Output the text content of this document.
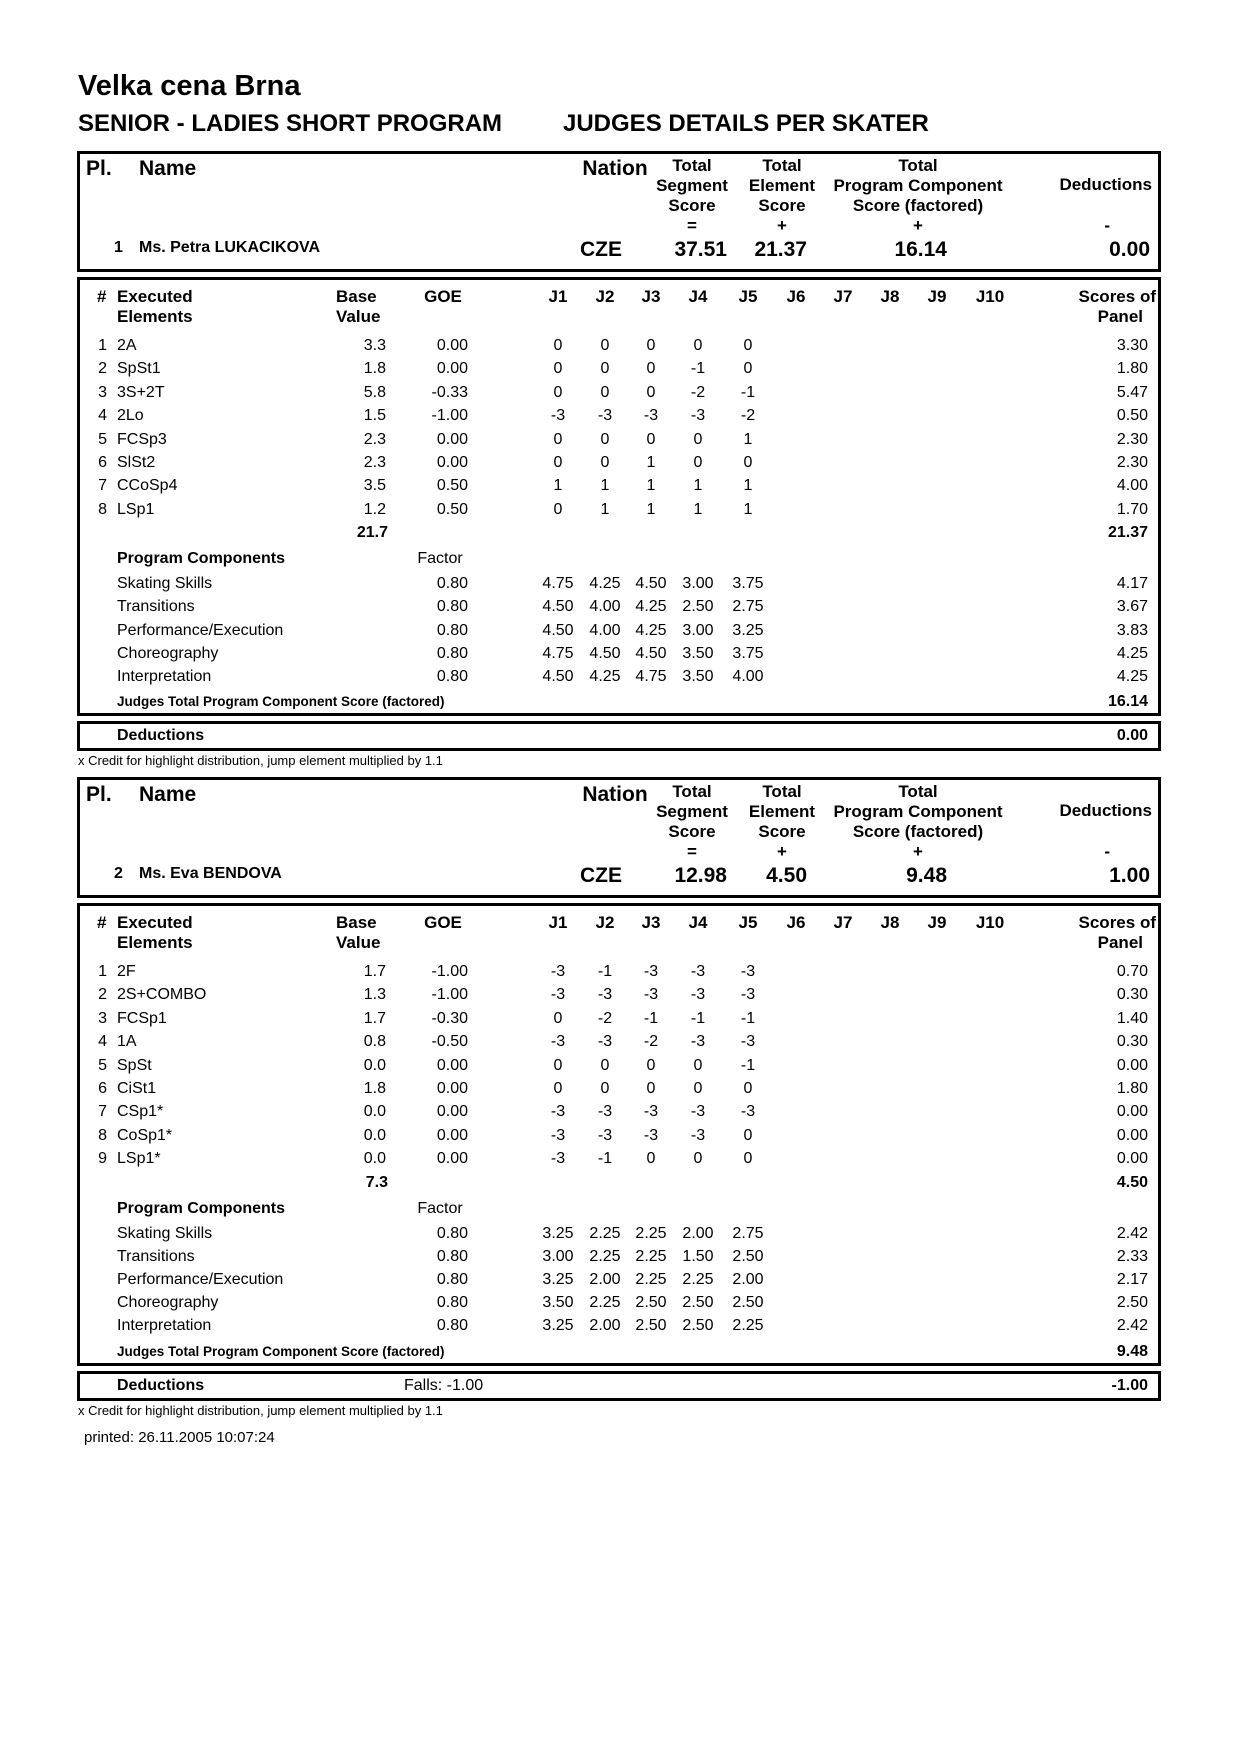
Velka cena Brna
SENIOR - LADIES SHORT PROGRAM	JUDGES DETAILS PER SKATER
Pl. Name	Nation	Total
Segment
Score
=
Total
Element
Score
+
Total
Program Component
Score (factored)
+
Deductions
-
1 Ms. Petra LUKACIKOVA	CZE	37.51	21.37	16.14	0.00
# Executed
Elements
Base
Value
GOE	J1	J2	J3	J4	J5	J6	J7	J8	J9	J10	Scores of
Panel
1 2A	3.3	0.00	0	0	0	0	0	3.30
2 SpSt1	1.8	0.00	0	0	0	-1	0	1.80
3 3S+2T	5.8	-0.33	0	0	0	-2	-1	5.47
4 2Lo	1.5	-1.00	-3	-3	-3	-3	-2	0.50
5 FCSp3	2.3	0.00	0	0	0	0	1	2.30
6 SlSt2	2.3	0.00	0	0	1	0	0	2.30
7 CCoSp4	3.5	0.50	1	1	1	1	1	4.00
8 LSp1	1.2	0.50	0	1	1	1	1	1.70
21.7	21.37
Program Components	Factor
Skating Skills	0.80	4.75 4.25 4.50 3.00	3.75	4.17
Transitions	0.80	4.50 4.00 4.25 2.50	2.75	3.67
Performance/Execution	0.80	4.50 4.00 4.25 3.00	3.25	3.83
Choreography	0.80	4.75 4.50 4.50 3.50	3.75	4.25
Interpretation	0.80	4.50 4.25 4.75 3.50	4.00	4.25
Judges Total Program Component Score (factored)	16.14
Deductions	0.00
x Credit for highlight distribution, jump element multiplied by 1.1
Pl. Name	Nation	Total
Segment
Score
=
Total
Element
Score
+
Total
Program Component
Score (factored)
+
Deductions
-
2 Ms. Eva BENDOVA	CZE	12.98	4.50	9.48	1.00
# Executed
Elements
Base
Value
GOE	J1	J2	J3	J4	J5	J6	J7	J8	J9	J10	Scores of
Panel
1 2F	1.7	-1.00	-3	-1	-3	-3	-3	0.70
2 2S+COMBO	1.3	-1.00	-3	-3	-3	-3	-3	0.30
3 FCSp1	1.7	-0.30	0	-2	-1	-1	-1	1.40
4 1A	0.8	-0.50	-3	-3	-2	-3	-3	0.30
5 SpSt	0.0	0.00	0	0	0	0	-1	0.00
6 CiSt1	1.8	0.00	0	0	0	0	0	1.80
7 CSp1*	0.0	0.00	-3	-3	-3	-3	-3	0.00
8 CoSp1*	0.0	0.00	-3	-3	-3	-3	0	0.00
9 LSp1*	0.0	0.00	-3	-1	0	0	0	0.00
7.3	4.50
Program Components	Factor
Skating Skills	0.80	3.25 2.25 2.25 2.00	2.75	2.42
Transitions	0.80	3.00 2.25 2.25 1.50	2.50	2.33
Performance/Execution	0.80	3.25 2.00 2.25 2.25	2.00	2.17
Choreography	0.80	3.50 2.25 2.50 2.50	2.50	2.50
Interpretation	0.80	3.25 2.00 2.50 2.50	2.25	2.42
Judges Total Program Component Score (factored)	9.48
Deductions	Falls: -1.00	-1.00
x Credit for highlight distribution, jump element multiplied by 1.1
printed: 26.11.2005 10:07:24
